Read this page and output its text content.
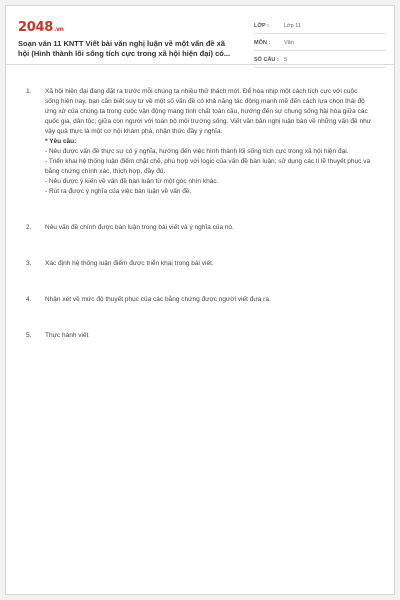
2048.vn
Soạn văn 11 KNTT Viết bài văn nghị luận về một vấn đề xã
hội (Hình thành lối sống tích cực trong xã hội hiện đại) có...
LỚP :	Lớp 11
MÔN :	Văn
SỐ CÂU : 5
1.	Xã hội hiện đại đang đặt ra trước mỗi chúng ta nhiều thử thách mới. Để hòa nhịp một cách tích cực với cuộc sống hiện nay, bạn cần biết suy tư về một số vấn đề có khả năng tác động mạnh mẽ đến cách lựa chọn thái độ ứng xử của chúng ta trong cuộc vận động mang tính chất toàn cầu, hướng đến sự chung sống hài hòa giữa các quốc gia, dân tộc; giữa con người với toàn bộ môi trường sống. Viết văn bản nghị luận bàn về những vấn đề như vậy quả thực là một cơ hội khám phá, nhận thức đầy ý nghĩa.

* Yêu cầu:

- Nêu được vấn đề thực sự có ý nghĩa, hướng đến việc hình thành lối sống tích cực trong xã hội hiện đại.

- Triển khai hệ thống luận điểm chặt chẽ, phù hợp với logic của vấn đề bàn luận; sử dụng các lí lẽ thuyết phục và bằng chứng chính xác, thích hợp, đầy đủ.

- Nêu được ý kiến về vấn đề bàn luận từ một góc nhìn khác.

- Rút ra được ý nghĩa của việc bàn luận về vấn đề.

2.	Nêu vấn đề chính được bàn luận trong bài viết và ý nghĩa của nó.

3.	Xác định hệ thống luận điểm được triển khai trong bài viết.

4.	Nhận xét về mức độ thuyết phục của các bằng chứng được người viết đưa ra.

5.	Thực hành viết
